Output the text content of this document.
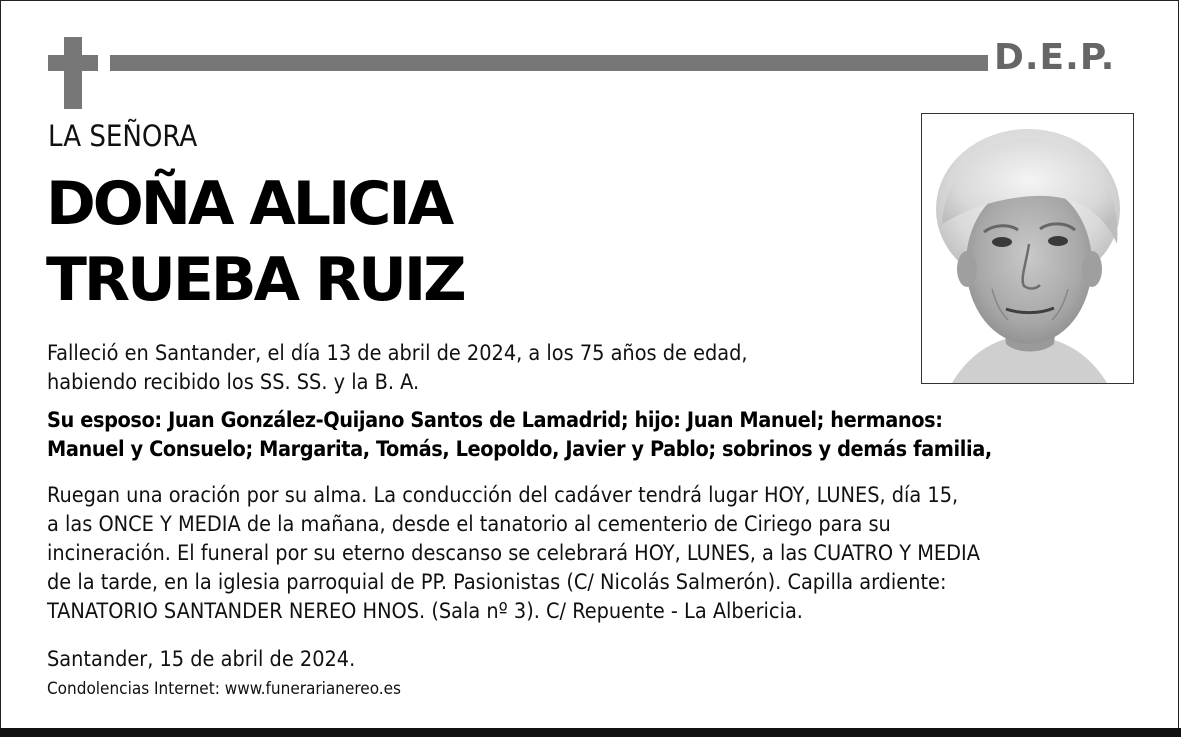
D.E.P.
LA SEÑORA
DOÑA ALICIA
TRUEBA RUIZ
Falleció en Santander, el día 13 de abril de 2024, a los 75 años de edad,
habiendo recibido los SS. SS. y la B. A.
Su esposo: Juan González-Quijano Santos de Lamadrid; hijo: Juan Manuel; hermanos:
Manuel y Consuelo; Margarita, Tomás, Leopoldo, Javier y Pablo; sobrinos y demás familia,
Ruegan una oración por su alma. La conducción del cadáver tendrá lugar HOY, LUNES, día 15,
a las ONCE Y MEDIA de la mañana, desde el tanatorio al cementerio de Ciriego para su
incineración. El funeral por su eterno descanso se celebrará HOY, LUNES, a las CUATRO Y MEDIA
de la tarde, en la iglesia parroquial de PP. Pasionistas (C/ Nicolás Salmerón). Capilla ardiente:
TANATORIO SANTANDER NEREO HNOS. (Sala nº 3). C/ Repuente - La Albericia.
Santander, 15 de abril de 2024.
Condolencias Internet: www.funerarianereo.es
